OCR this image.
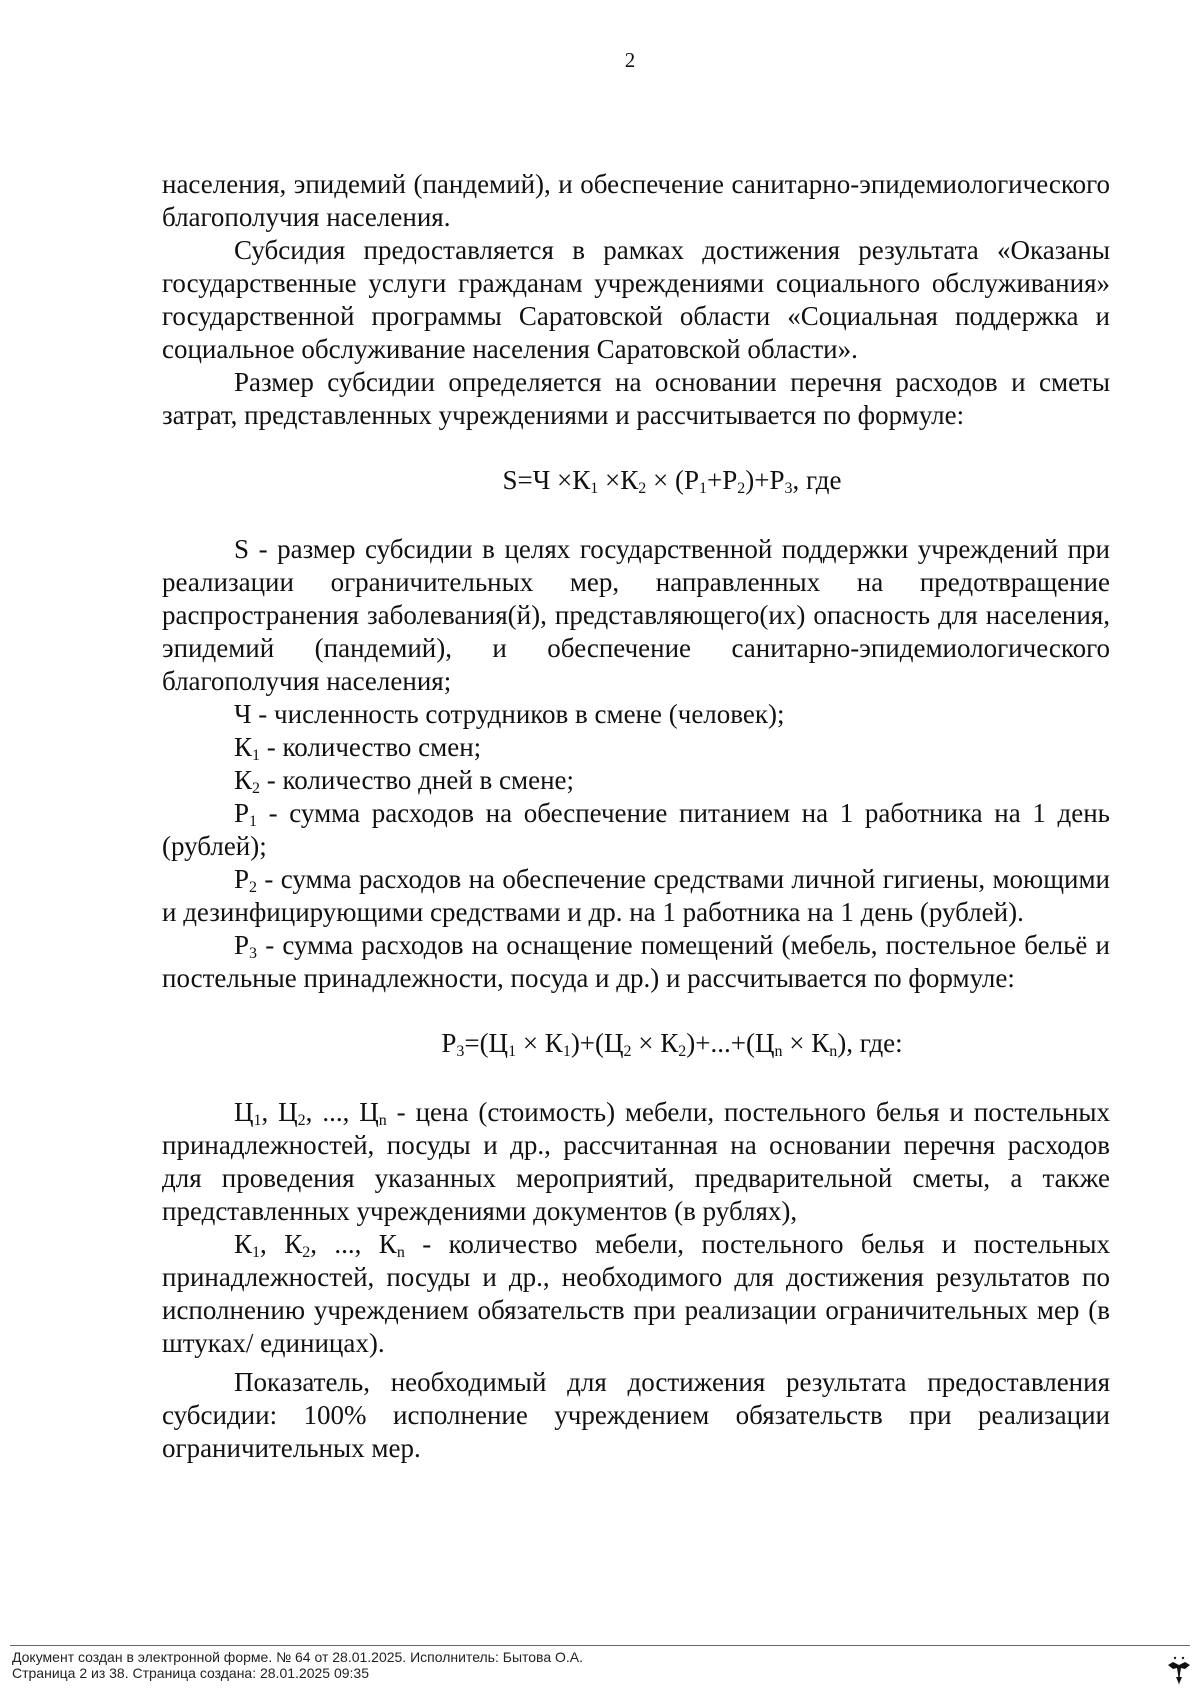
2

населения, эпидемий (пандемий), и обеспечение санитарно-эпидемиологического благополучия населения.

Субсидия предоставляется в рамках достижения результата «Оказаны государственные услуги гражданам учреждениями социального обслуживания» государственной программы Саратовской области «Социальная поддержка и социальное обслуживание населения Саратовской области».

Размер субсидии определяется на основании перечня расходов и сметы затрат, представленных учреждениями и рассчитывается по формуле:

$S=Ч \times К_1 \times К_2 \times (Р_1+Р_2)+Р_3$, где

S - размер субсидии в целях государственной поддержки учреждений при реализации ограничительных мер, направленных на предотвращение распространения заболевания(й), представляющего(их) опасность для населения, эпидемий (пандемий), и обеспечение санитарно-эпидемиологического благополучия населения;

Ч - численность сотрудников в смене (человек);

$К_1$ - количество смен;

$К_2$ - количество дней в смене;

$Р_1$ - сумма расходов на обеспечение питанием на 1 работника на 1 день (рублей);

$Р_2$ - сумма расходов на обеспечение средствами личной гигиены, моющими и дезинфицирующими средствами и др. на 1 работника на 1 день (рублей).

$Р_3$ - сумма расходов на оснащение помещений (мебель, постельное бельё и постельные принадлежности, посуда и др.) и рассчитывается по формуле:

$Р_3=(Ц_1 \times К_1)+(Ц_2 \times К_2)+...+(Ц_n \times К_n)$, где:

$Ц_1$, $Ц_2$, ..., $Ц_n$ - цена (стоимость) мебели, постельного белья и постельных принадлежностей, посуды и др., рассчитанная на основании перечня расходов для проведения указанных мероприятий, предварительной сметы, а также представленных учреждениями документов (в рублях),

$К_1$, $К_2$, ..., $К_n$ - количество мебели, постельного белья и постельных принадлежностей, посуды и др., необходимого для достижения результатов по исполнению учреждением обязательств при реализации ограничительных мер (в штуках/ единицах).

Показатель, необходимый для достижения результата предоставления субсидии: 100% исполнение учреждением обязательств при реализации ограничительных мер.

Документ создан в электронной форме. № 64 от 28.01.2025. Исполнитель: Бытова О.А.
Страница 2 из 38. Страница создана: 28.01.2025 09:35
